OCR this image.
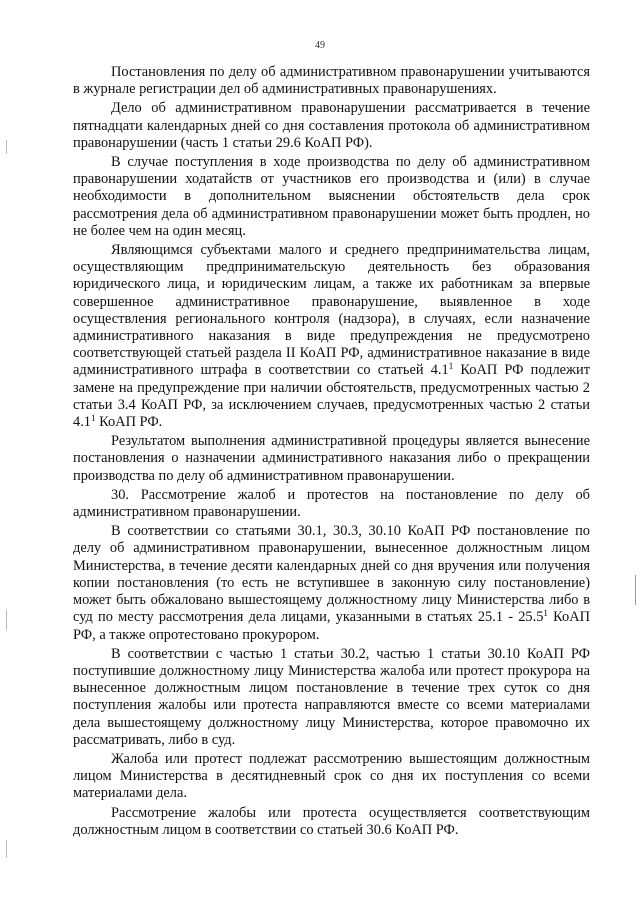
49

Постановления по делу об административном правонарушении учитываются в журнале регистрации дел об административных правонарушениях.

Дело об административном правонарушении рассматривается в течение пятнадцати календарных дней со дня составления протокола об административном правонарушении (часть 1 статьи 29.6 КоАП РФ).

В случае поступления в ходе производства по делу об административном правонарушении ходатайств от участников его производства и (или) в случае необходимости в дополнительном выяснении обстоятельств дела срок рассмотрения дела об административном правонарушении может быть продлен, но не более чем на один месяц.

Являющимся субъектами малого и среднего предпринимательства лицам, осуществляющим предпринимательскую деятельность без образования юридического лица, и юридическим лицам, а также их работникам за впервые совершенное административное правонарушение, выявленное в ходе осуществления регионального контроля (надзора), в случаях, если назначение административного наказания в виде предупреждения не предусмотрено соответствующей статьей раздела II КоАП РФ, административное наказание в виде административного штрафа в соответствии со статьей $4.1^1$ КоАП РФ подлежит замене на предупреждение при наличии обстоятельств, предусмотренных частью 2 статьи 3.4 КоАП РФ, за исключением случаев, предусмотренных частью 2 статьи $4.1^1$ КоАП РФ.

Результатом выполнения административной процедуры является вынесение постановления о назначении административного наказания либо о прекращении производства по делу об административном правонарушении.

30. Рассмотрение жалоб и протестов на постановление по делу об административном правонарушении.

В соответствии со статьями 30.1, 30.3, 30.10 КоАП РФ постановление по делу об административном правонарушении, вынесенное должностным лицом Министерства, в течение десяти календарных дней со дня вручения или получения копии постановления (то есть не вступившее в законную силу постановление) может быть обжаловано вышестоящему должностному лицу Министерства либо в суд по месту рассмотрения дела лицами, указанными в статьях 25.1 - 25.5$^1$ КоАП РФ, а также опротестовано прокурором.

В соответствии с частью 1 статьи 30.2, частью 1 статьи 30.10 КоАП РФ поступившие должностному лицу Министерства жалоба или протест прокурора на вынесенное должностным лицом постановление в течение трех суток со дня поступления жалобы или протеста направляются вместе со всеми материалами дела вышестоящему должностному лицу Министерства, которое правомочно их рассматривать, либо в суд.

Жалоба или протест подлежат рассмотрению вышестоящим должностным лицом Министерства в десятидневный срок со дня их поступления со всеми материалами дела.

Рассмотрение жалобы или протеста осуществляется соответствующим должностным лицом в соответствии со статьей 30.6 КоАП РФ.
